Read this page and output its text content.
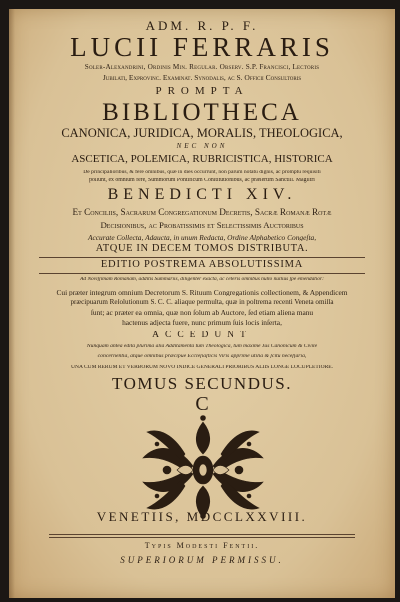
ADM. R. P. F.
LUCII FERRARIS
Soler-Alexandrini, Ordinis Min. Regular. Observ. S.P. Francisci, Lectoris
Jubilati, Exprovinc. Examinat. Synodalis, ac S. Officii Consultoris
PROMPTA
BIBLIOTHECA
CANONICA, JURIDICA, MORALIS, THEOLOGICA,
NEC NON
ASCETICA, POLEMICA, RUBRICISTICA, HISTORICA
De principalioribus, & fere omnibus, quæ in dies occurrunt, non parum notatu dignis, ac promptu requisiti
poſſunt, ex omnium ferè, Summorum Pontificum Conſtitutionibus, ac præſertim Sanctiſſ. Magiſtri
BENEDICTI XIV.
Et Conciliis, Sacrarum Congregationum Decretis, Sacræ Romanæ Rotæ
Decisionibus, ac Probatissimis et Selectissimis Auctoribus
Accurate Collecta, Adaucta, in unum Redacta, Ordine Alphabetico Congeſta,
ATQUE IN DECEM TOMOS DISTRIBUTA.
EDITIO POSTREMA ABSOLUTISSIMA
Ad Noviſſimam Romanam, additis Summariis, diligenter exacta, ac ceteris omnibus nullo nullius ſpe emendatior:
Cui præter integrum omnium Decretorum S. Rituum Congregationis collectionem, & Appendicem
præcipuarum Reſolutionum S. C. C. aliaque permulta, quæ in poſtrema recenti Veneta omiſſa
ſunt; ac præter ea omnia, quæ non ſolum ab Auctore, ſed etiam aliena manu
hactenus adjecta fuere, nunc primum ſuis locis inſerta,
ACCEDUNT
Nunquam antea edita plurima alia Additamenta tum Theologica, tum maxime Jus Canonicum & Civile
concernentia, atque omnibus præcipue Eccleſiaſticis Viris apprimè utilia & ſcitu neceſſaria,
UNA CUM RERUM ET VERBORUM NOVO INDICE GENERALI PRIORIBUS ALIIS LONGE LOCUPLETIORE.
TOMUS SECUNDUS.
C
VENETIIS, MDCCLXXVIII.
Typis Modesti Fentii.
SUPERIORUM PERMISSU.
